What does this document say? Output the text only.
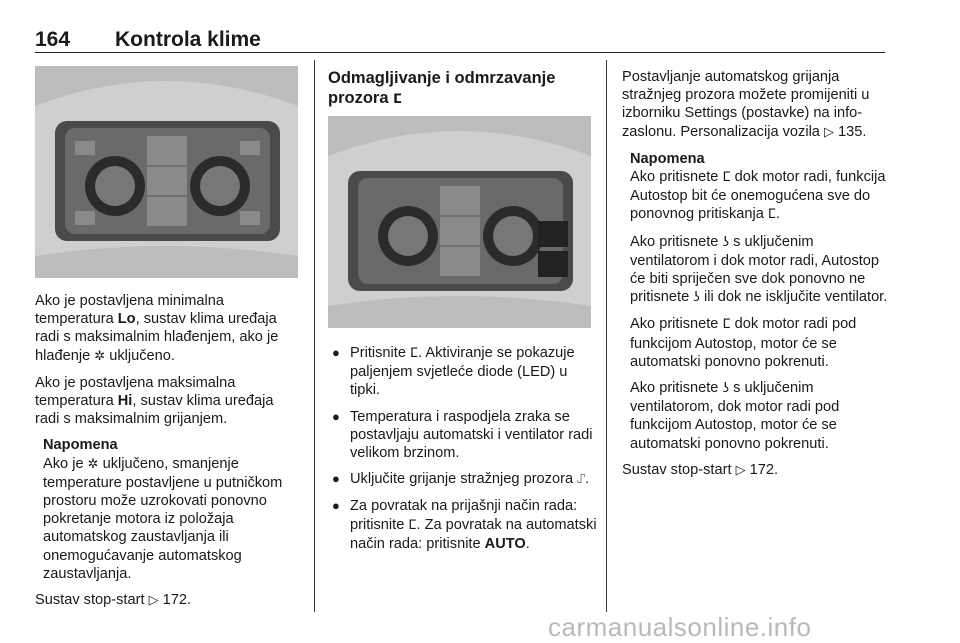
164 Kontrola klime

Ako je postavljena minimalna temperatura Lo, sustav klima uređaja radi s maksimalnim hlađenjem, ako je hlađenje ✲ uključeno.

Ako je postavljena maksimalna temperatura Hi, sustav klima uređaja radi s maksimalnim grijanjem.

Napomena

Ako je ✲ uključeno, smanjenje temperature postavljene u putničkom prostoru može uzrokovati ponovno pokretanje motora iz položaja automatskog zaustavljanja ili onemogućavanje automatskog zaustavljanja.

Sustav stop-start ▷ 172.

Odmagljivanje i odmrzavanje prozora ⵎ
● Pritisnite ⵎ. Aktiviranje se pokazuje paljenjem svjetleće diode (LED) u tipki.
● Temperatura i raspodjela zraka se postavljaju automatski i ventilator radi velikom brzinom.
● Uključite grijanje stražnjeg prozora ⑀.
● Za povratak na prijašnji način rada: pritisnite ⵎ. Za povratak na automatski način rada: pritisnite AUTO.

Postavljanje automatskog grijanja stražnjeg prozora možete promijeniti u izborniku Settings (postavke) na info-zaslonu. Personalizacija vozila ▷ 135.

Napomena

Ako pritisnete ⵎ dok motor radi, funkcija Autostop bit će onemogućena sve do ponovnog pritiskanja ⵎ.

Ako pritisnete ʖ s uključenim ventilatorom i dok motor radi, Autostop će biti spriječen sve dok ponovno ne pritisnete ʖ ili dok ne isključite ventilator.

Ako pritisnete ⵎ dok motor radi pod funkcijom Autostop, motor će se automatski ponovno pokrenuti.

Ako pritisnete ʖ s uključenim ventilatorom, dok motor radi pod funkcijom Autostop, motor će se automatski ponovno pokrenuti.

Sustav stop-start ▷ 172.

carmanualsonline.info
